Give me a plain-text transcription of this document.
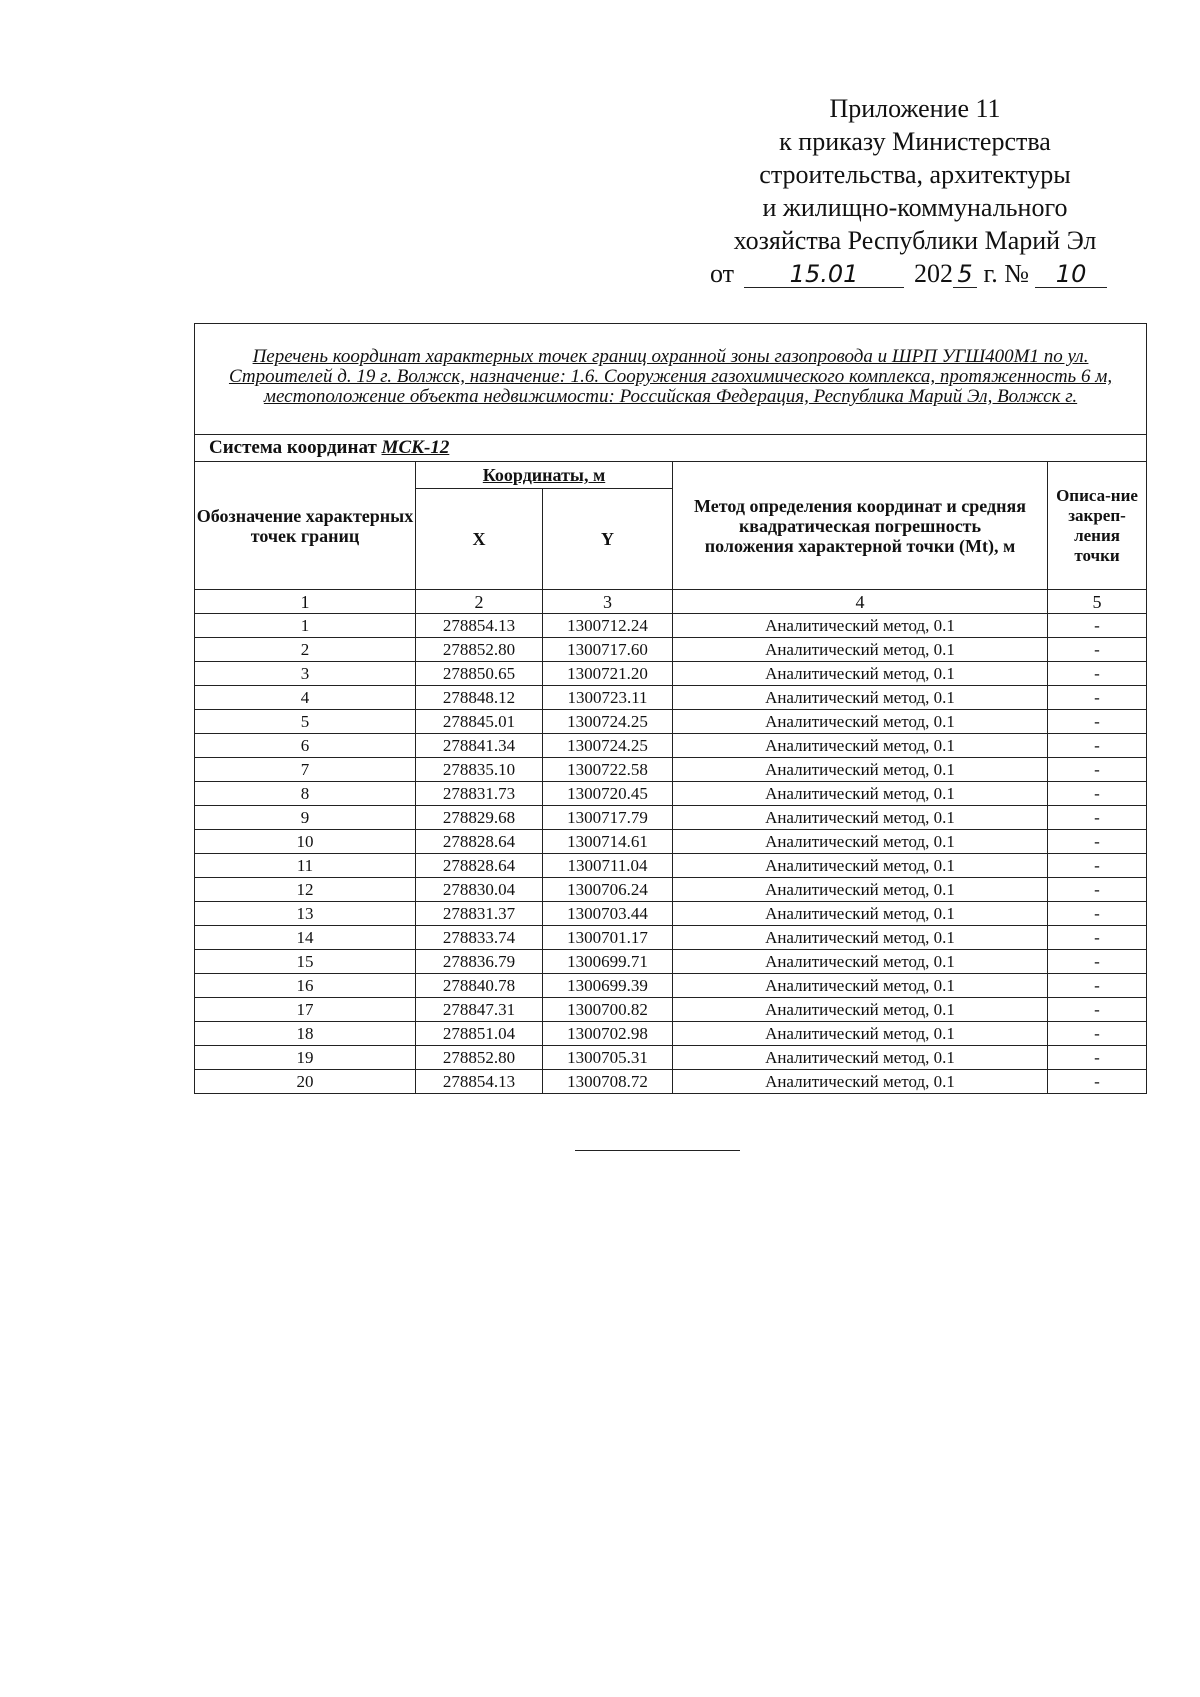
Приложение 11
к приказу Министерства
строительства, архитектуры
и жилищно-коммунального
хозяйства Республики Марий Эл
от 15.01 202 5 г. № 10
Перечень координат характерных точек границ охранной зоны газопровода и ШРП УГШ400М1 по ул. Строителей д. 19 г. Волжск, назначение: 1.6. Сооружения газохимического комплекса, протяженность 6 м, местоположение объекта недвижимости: Российская Федерация, Республика Марий Эл, Волжск г.				
Система координат МСК-12				
Обозначение характерных точек границ	Координаты, м		Метод определения координат и средняя квадратическая погрешность положения характерной точки (Mt), м	Описа-ние закреп-ления точки
	X	Y		
1	2	3	4	5
1	278854.13	1300712.24	Аналитический метод, 0.1	-
2	278852.80	1300717.60	Аналитический метод, 0.1	-
3	278850.65	1300721.20	Аналитический метод, 0.1	-
4	278848.12	1300723.11	Аналитический метод, 0.1	-
5	278845.01	1300724.25	Аналитический метод, 0.1	-
6	278841.34	1300724.25	Аналитический метод, 0.1	-
7	278835.10	1300722.58	Аналитический метод, 0.1	-
8	278831.73	1300720.45	Аналитический метод, 0.1	-
9	278829.68	1300717.79	Аналитический метод, 0.1	-
10	278828.64	1300714.61	Аналитический метод, 0.1	-
11	278828.64	1300711.04	Аналитический метод, 0.1	-
12	278830.04	1300706.24	Аналитический метод, 0.1	-
13	278831.37	1300703.44	Аналитический метод, 0.1	-
14	278833.74	1300701.17	Аналитический метод, 0.1	-
15	278836.79	1300699.71	Аналитический метод, 0.1	-
16	278840.78	1300699.39	Аналитический метод, 0.1	-
17	278847.31	1300700.82	Аналитический метод, 0.1	-
18	278851.04	1300702.98	Аналитический метод, 0.1	-
19	278852.80	1300705.31	Аналитический метод, 0.1	-
20	278854.13	1300708.72	Аналитический метод, 0.1	-
